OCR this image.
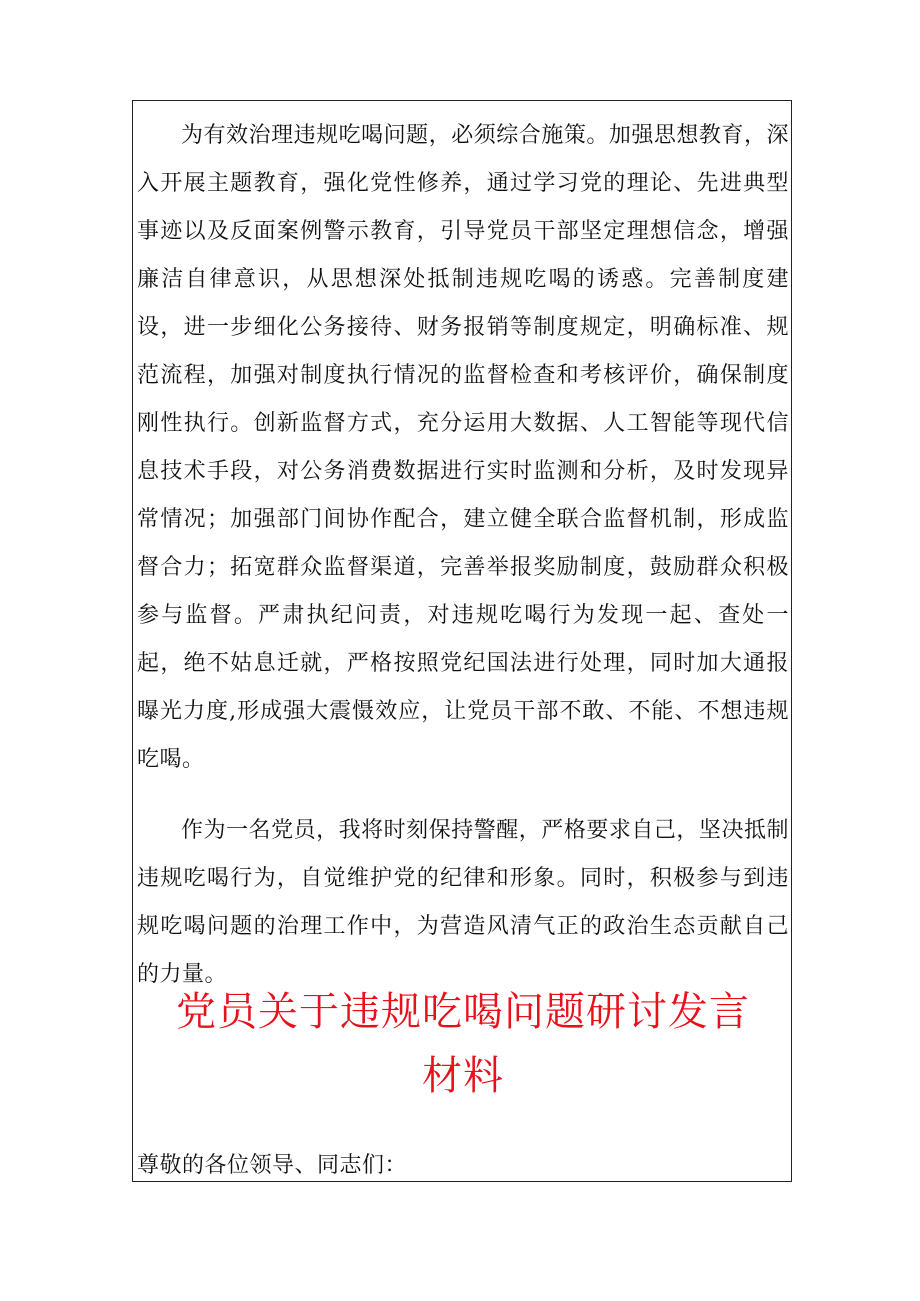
为有效治理违规吃喝问题，必须综合施策。加强思想教育，深入开展主题教育，强化党性修养，通过学习党的理论、先进典型事迹以及反面案例警示教育，引导党员干部坚定理想信念，增强廉洁自律意识，从思想深处抵制违规吃喝的诱惑。完善制度建设，进一步细化公务接待、财务报销等制度规定，明确标准、规范流程，加强对制度执行情况的监督检查和考核评价，确保制度刚性执行。创新监督方式，充分运用大数据、人工智能等现代信息技术手段，对公务消费数据进行实时监测和分析，及时发现异常情况；加强部门间协作配合，建立健全联合监督机制，形成监督合力；拓宽群众监督渠道，完善举报奖励制度，鼓励群众积极参与监督。严肃执纪问责，对违规吃喝行为发现一起、查处一起，绝不姑息迁就，严格按照党纪国法进行处理，同时加大通报曝光力度,形成强大震慑效应，让党员干部不敢、不能、不想违规吃喝。

作为一名党员，我将时刻保持警醒，严格要求自己，坚决抵制违规吃喝行为，自觉维护党的纪律和形象。同时，积极参与到违规吃喝问题的治理工作中，为营造风清气正的政治生态贡献自己的力量。

党员关于违规吃喝问题研讨发言
材料

尊敬的各位领导、同志们：
